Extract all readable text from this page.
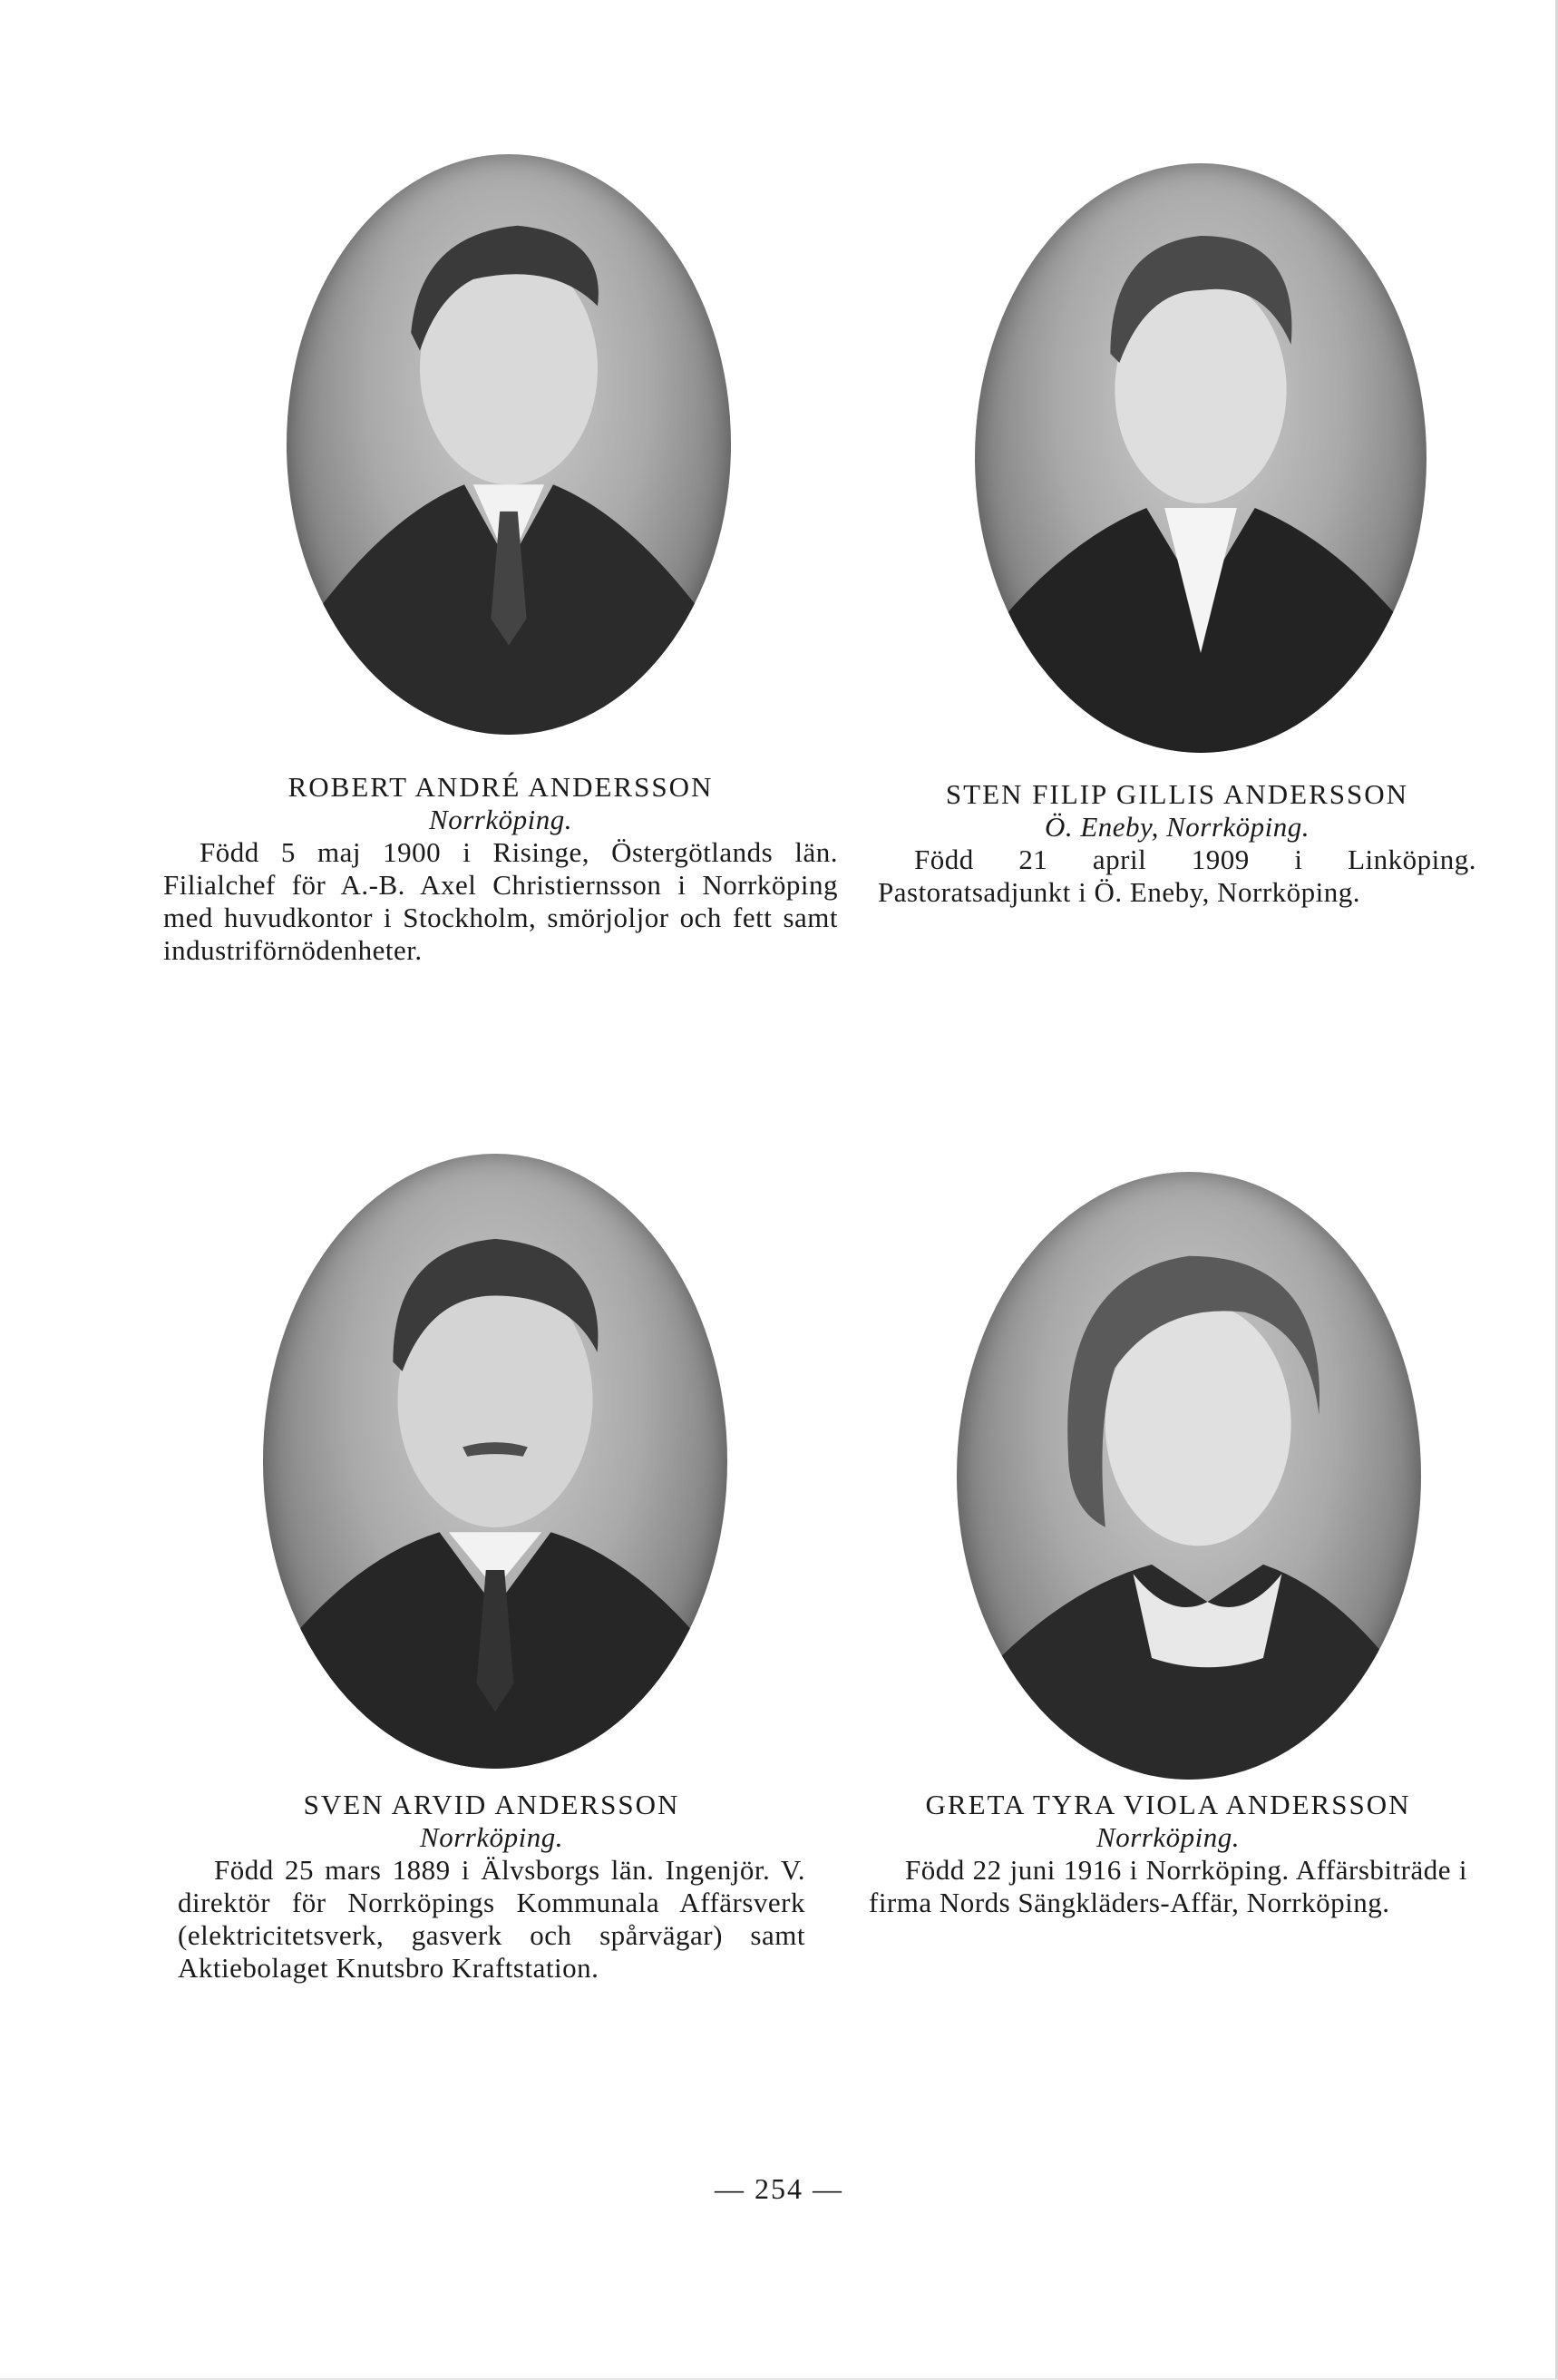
ROBERT ANDRÉ ANDERSSON
Norrköping.
Född 5 maj 1900 i Risinge, Östergötlands län. Filialchef för A.-B. Axel Christiernsson i Norrköping med huvudkontor i Stockholm, smörjoljor och fett samt industriförnödenheter.
STEN FILIP GILLIS ANDERSSON
Ö. Eneby, Norrköping.
Född 21 april 1909 i Linköping. Pastoratsadjunkt i Ö. Eneby, Norrköping.
SVEN ARVID ANDERSSON
Norrköping.
Född 25 mars 1889 i Älvsborgs län. Ingenjör. V. direktör för Norrköpings Kommunala Affärsverk (elektricitetsverk, gasverk och spårvägar) samt Aktiebolaget Knutsbro Kraftstation.
GRETA TYRA VIOLA ANDERSSON
Norrköping.
Född 22 juni 1916 i Norrköping. Affärsbiträde i firma Nords Sängkläders-Affär, Norrköping.
— 254 —
